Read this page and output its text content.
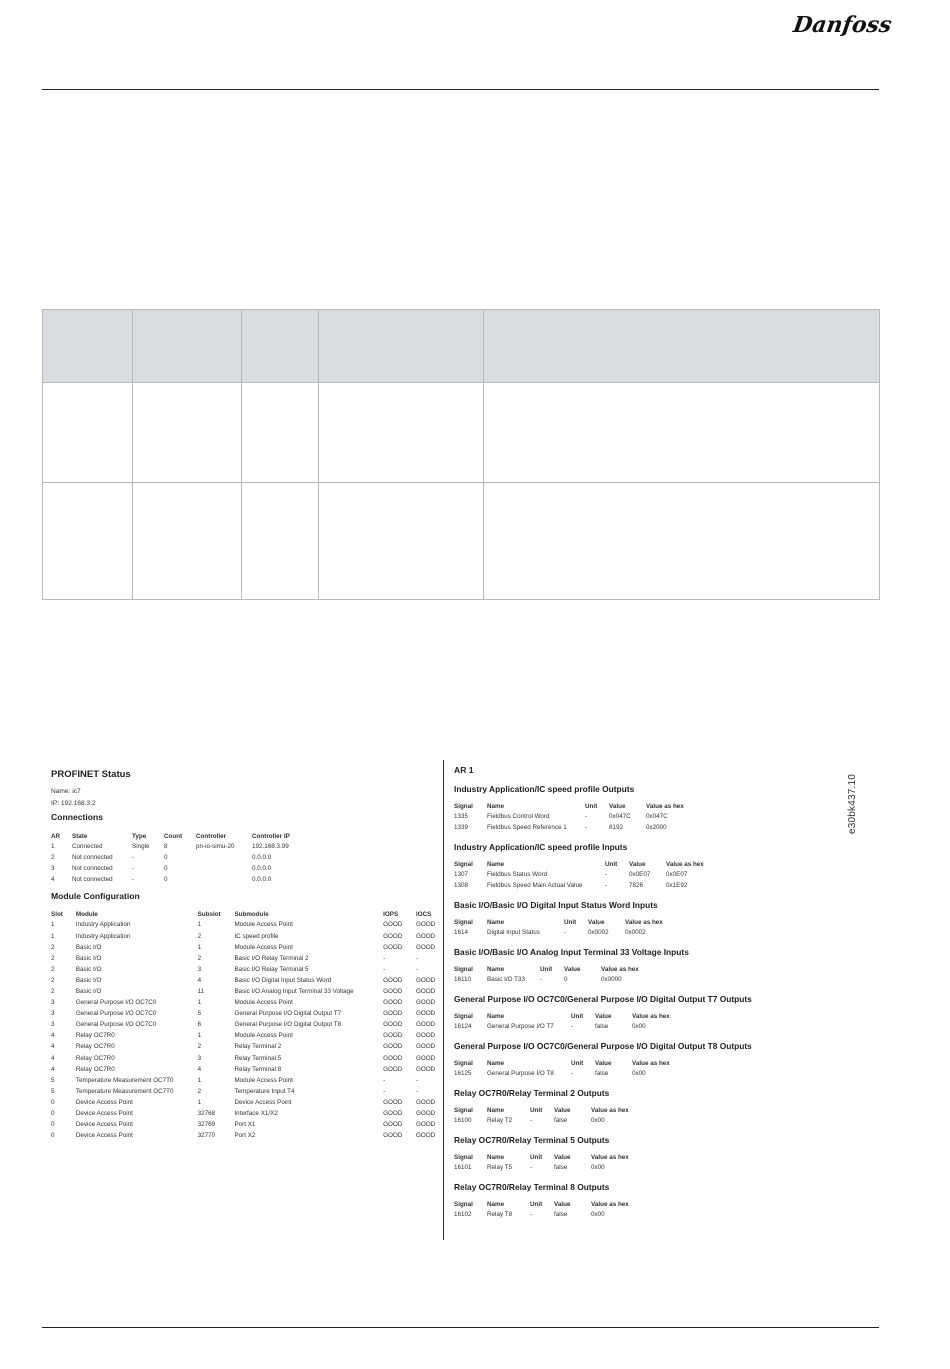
Danfoss

e30bk437.10
PROFINET Status
Name: ic7
IP: 192.168.3.2
Connections
AR	State	Type	Count	Controller	Controller IP
1	Connected	Single	8	pn-io-simu-20	192.168.3.99
2	Not connected	-	0		0.0.0.0
3	Not connected	-	0		0.0.0.0
4	Not connected	-	0		0.0.0.0
Module Configuration
Slot	Module	Subslot	Submodule	IOPS	IOCS
1	Industry Application	1	Module Access Point	GOOD	GOOD
1	Industry Application	2	IC speed profile	GOOD	GOOD
2	Basic I/O	1	Module Access Point	GOOD	GOOD
2	Basic I/O	2	Basic I/O Relay Terminal 2	-	-
2	Basic I/O	3	Basic I/O Relay Terminal 5	-	-
2	Basic I/O	4	Basic I/O Digital Input Status Word	GOOD	GOOD
2	Basic I/O	11	Basic I/O Analog Input Terminal 33 Voltage	GOOD	GOOD
3	General Purpose I/O OC7C0	1	Module Access Point	GOOD	GOOD
3	General Purpose I/O OC7C0	5	General Purpose I/O Digital Output T7	GOOD	GOOD
3	General Purpose I/O OC7C0	6	General Purpose I/O Digital Output T8	GOOD	GOOD
4	Relay OC7R0	1	Module Access Point	GOOD	GOOD
4	Relay OC7R0	2	Relay Terminal 2	GOOD	GOOD
4	Relay OC7R0	3	Relay Terminal 5	GOOD	GOOD
4	Relay OC7R0	4	Relay Terminal 8	GOOD	GOOD
5	Temperature Measurement OC7T0	1	Module Access Point	-	-
5	Temperature Measurement OC7T0	2	Temperature Input T4	-	-
0	Device Access Point	1	Device Access Point	GOOD	GOOD
0	Device Access Point	32768	Interface X1/X2	GOOD	GOOD
0	Device Access Point	32769	Port X1	GOOD	GOOD
0	Device Access Point	32770	Port X2	GOOD	GOOD
AR 1
Industry Application/IC speed profile Outputs
Signal	Name	Unit	Value	Value as hex
1335	Fieldbus Control Word	-	0x047C	0x047C
1339	Fieldbus Speed Reference 1	-	8192	0x2000
Industry Application/IC speed profile Inputs
Signal	Name	Unit	Value	Value as hex
1307	Fieldbus Status Word	-	0x0E07	0x0E07
1308	Fieldbus Speed Main Actual Value	-	7826	0x1E92
Basic I/O/Basic I/O Digital Input Status Word Inputs
Signal	Name	Unit	Value	Value as hex
1614	Digital Input Status	-	0x0002	0x0002
Basic I/O/Basic I/O Analog Input Terminal 33 Voltage Inputs
Signal	Name	Unit	Value	Value as hex
16110	Basic I/O T33	-	0	0x0000
General Purpose I/O OC7C0/General Purpose I/O Digital Output T7 Outputs
Signal	Name	Unit	Value	Value as hex
16124	General Purpose I/O T7	-	false	0x00
General Purpose I/O OC7C0/General Purpose I/O Digital Output T8 Outputs
Signal	Name	Unit	Value	Value as hex
16125	General Purpose I/O T8	-	false	0x00
Relay OC7R0/Relay Terminal 2 Outputs
Signal	Name	Unit	Value	Value as hex
16100	Relay T2	-	false	0x00
Relay OC7R0/Relay Terminal 5 Outputs
Signal	Name	Unit	Value	Value as hex
16101	Relay T5	-	false	0x00
Relay OC7R0/Relay Terminal 8 Outputs
Signal	Name	Unit	Value	Value as hex
16102	Relay T8	-	false	0x00
